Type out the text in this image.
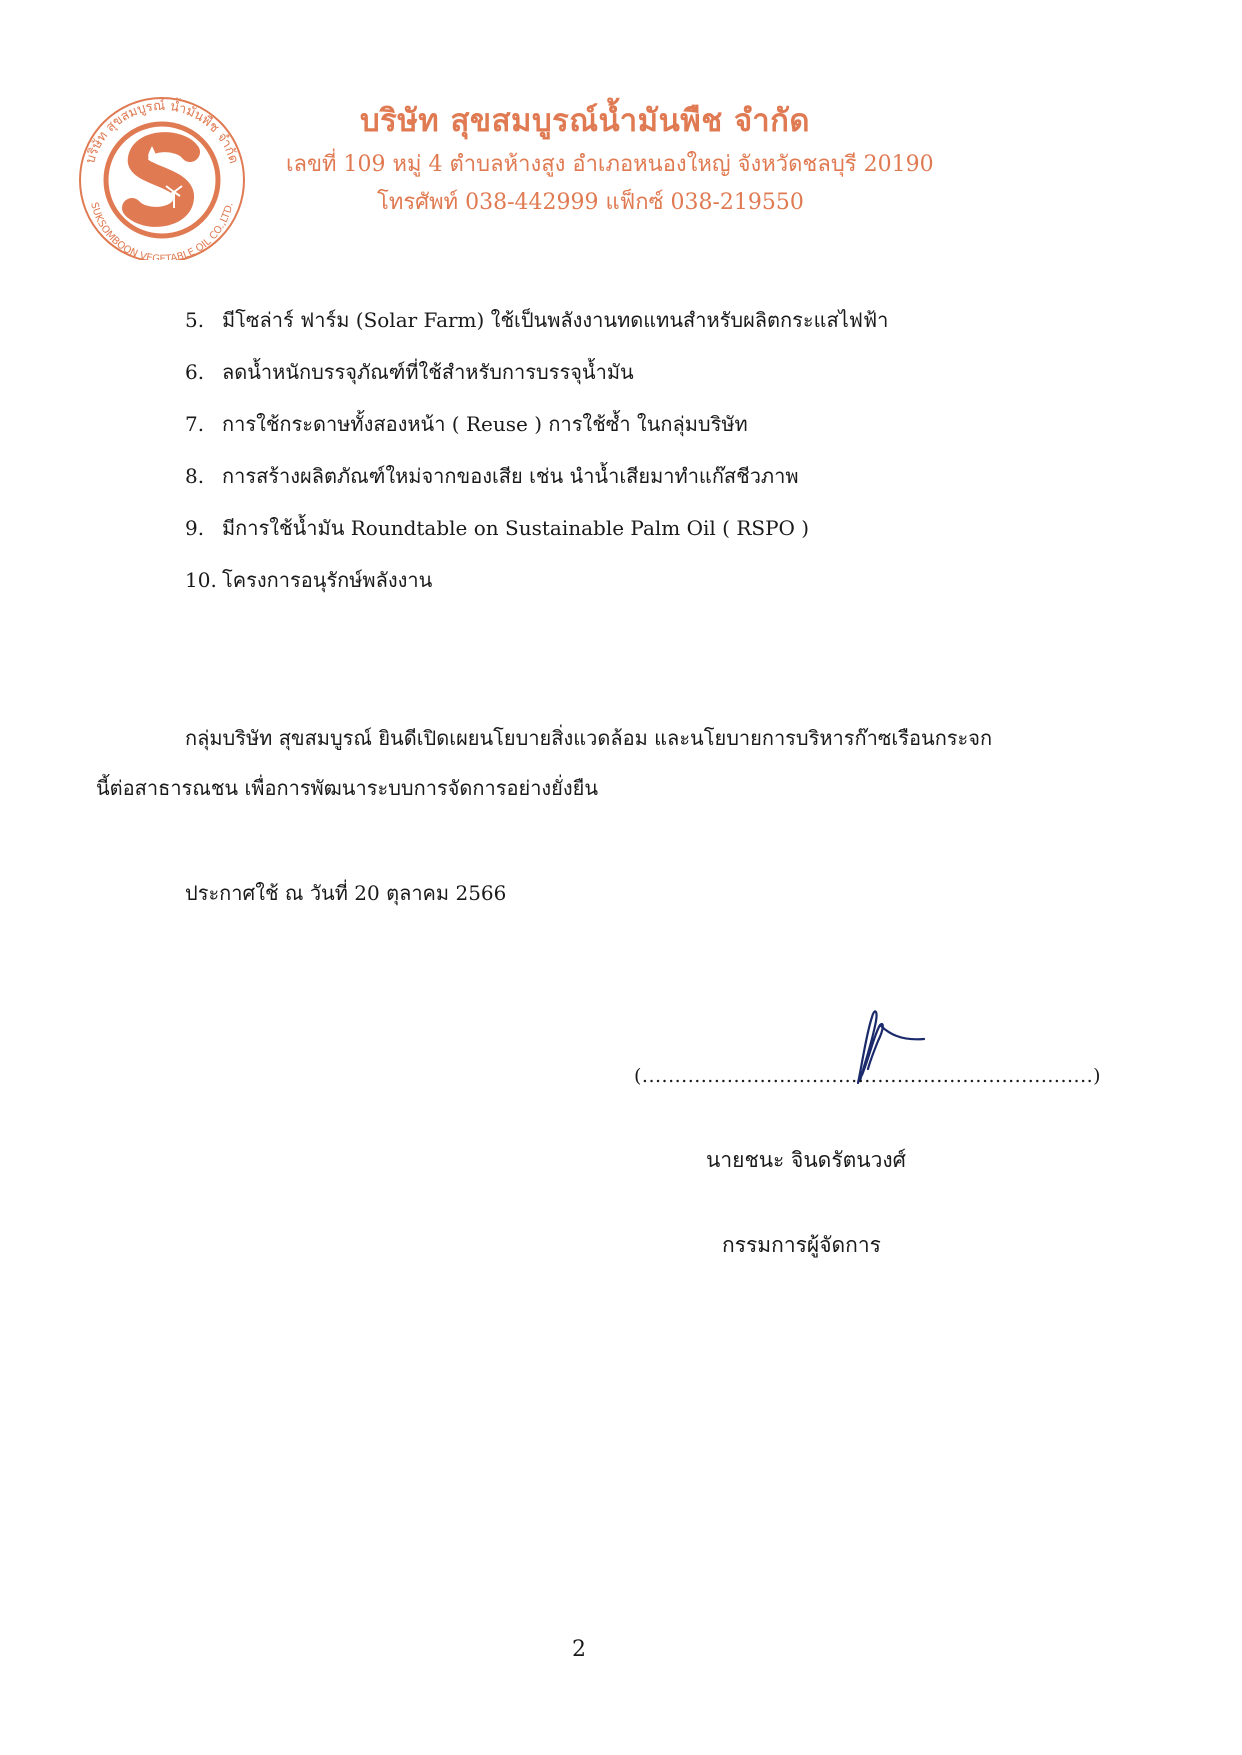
บริษัท สุขสมบูรณ์ น้ำมันพืช จำกัด
SUKSOMBOON VEGETABLE OIL CO.,LTD.
บริษัท สุขสมบูรณ์น้ำมันพืช จำกัด
เลขที่ 109 หมู่ 4 ตำบลห้างสูง อำเภอหนองใหญ่ จังหวัดชลบุรี 20190
โทรศัพท์ 038-442999 แฟ็กซ์ 038-219550
5. มีโซล่าร์ ฟาร์ม (Solar Farm) ใช้เป็นพลังงานทดแทนสำหรับผลิตกระแสไฟฟ้า
6. ลดน้ำหนักบรรจุภัณฑ์ที่ใช้สำหรับการบรรจุน้ำมัน
7. การใช้กระดาษทั้งสองหน้า ( Reuse ) การใช้ซ้ำ ในกลุ่มบริษัท
8. การสร้างผลิตภัณฑ์ใหม่จากของเสีย เช่น นำน้ำเสียมาทำแก๊สชีวภาพ
9. มีการใช้น้ำมัน Roundtable on Sustainable Palm Oil ( RSPO )
10. โครงการอนุรักษ์พลังงาน
กลุ่มบริษัท สุขสมบูรณ์ ยินดีเปิดเผยนโยบายสิ่งแวดล้อม และนโยบายการบริหารก๊าซเรือนกระจก
นี้ต่อสาธารณชน เพื่อการพัฒนาระบบการจัดการอย่างยั่งยืน
ประกาศใช้ ณ วันที่ 20 ตุลาคม 2566
(.....................................................................)
นายชนะ จินดรัตนวงศ์
กรรมการผู้จัดการ
2
